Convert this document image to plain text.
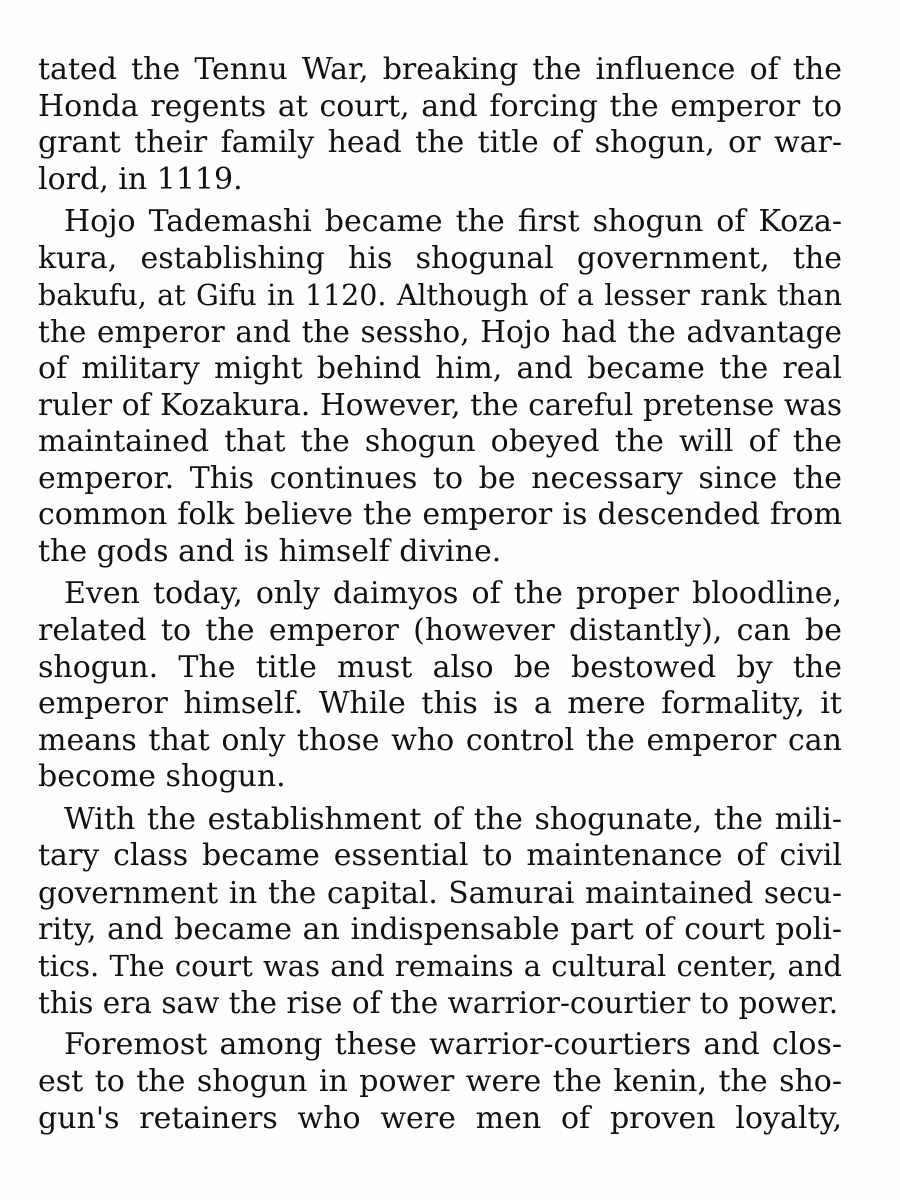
tated the Tennu War, breaking the influence of the
Honda regents at court, and forcing the emperor to
grant their family head the title of shogun, or war-
lord, in 1119.
Hojo Tademashi became the first shogun of Koza-
kura, establishing his shogunal government, the
bakufu, at Gifu in 1120. Although of a lesser rank than
the emperor and the sessho, Hojo had the advantage
of military might behind him, and became the real
ruler of Kozakura. However, the careful pretense was
maintained that the shogun obeyed the will of the
emperor. This continues to be necessary since the
common folk believe the emperor is descended from
the gods and is himself divine.
Even today, only daimyos of the proper bloodline,
related to the emperor (however distantly), can be
shogun. The title must also be bestowed by the
emperor himself. While this is a mere formality, it
means that only those who control the emperor can
become shogun.
With the establishment of the shogunate, the mili-
tary class became essential to maintenance of civil
government in the capital. Samurai maintained secu-
rity, and became an indispensable part of court poli-
tics. The court was and remains a cultural center, and
this era saw the rise of the warrior-courtier to power.
Foremost among these warrior-courtiers and clos-
est to the shogun in power were the kenin, the sho-
gun's retainers who were men of proven loyalty,
